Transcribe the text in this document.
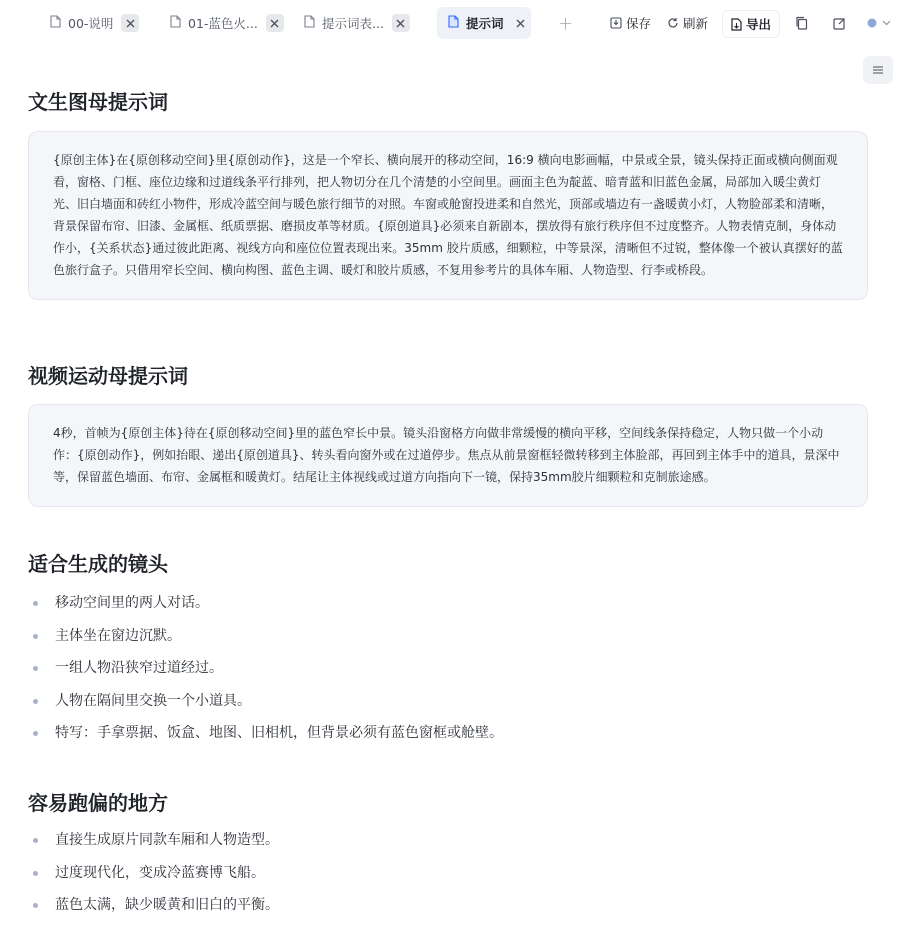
00-说明	01-蓝色火...	提示词表...	提示词	＋	保存	刷新	导出
文生图母提示词
{原创主体}在{原创移动空间}里{原创动作}，这是一个窄长、横向展开的移动空间，16:9 横向电影画幅，中景或全景，镜头保持正面或横向侧面观看，窗格、门框、座位边缘和过道线条平行排列，把人物切分在几个清楚的小空间里。画面主色为靛蓝、暗青蓝和旧蓝色金属，局部加入暖尘黄灯光、旧白墙面和砖红小物件，形成冷蓝空间与暖色旅行细节的对照。车窗或舱窗投进柔和自然光，顶部或墙边有一盏暖黄小灯，人物脸部柔和清晰，背景保留布帘、旧漆、金属框、纸质票据、磨损皮革等材质。{原创道具}必须来自新剧本，摆放得有旅行秩序但不过度整齐。人物表情克制，身体动作小，{关系状态}通过彼此距离、视线方向和座位位置表现出来。35mm 胶片质感，细颗粒，中等景深，清晰但不过锐，整体像一个被认真摆好的蓝色旅行盒子。只借用窄长空间、横向构图、蓝色主调、暖灯和胶片质感，不复用参考片的具体车厢、人物造型、行李或桥段。
视频运动母提示词
4秒，首帧为{原创主体}待在{原创移动空间}里的蓝色窄长中景。镜头沿窗格方向做非常缓慢的横向平移，空间线条保持稳定，人物只做一个小动作：{原创动作}，例如抬眼、递出{原创道具}、转头看向窗外或在过道停步。焦点从前景窗框轻微转移到主体脸部，再回到主体手中的道具，景深中等，保留蓝色墙面、布帘、金属框和暖黄灯。结尾让主体视线或过道方向指向下一镜，保持35mm胶片细颗粒和克制旅途感。
适合生成的镜头
移动空间里的两人对话。
主体坐在窗边沉默。
一组人物沿狭窄过道经过。
人物在隔间里交换一个小道具。
特写：手拿票据、饭盒、地图、旧相机，但背景必须有蓝色窗框或舱壁。
容易跑偏的地方
直接生成原片同款车厢和人物造型。
过度现代化，变成冷蓝赛博飞船。
蓝色太满，缺少暖黄和旧白的平衡。
